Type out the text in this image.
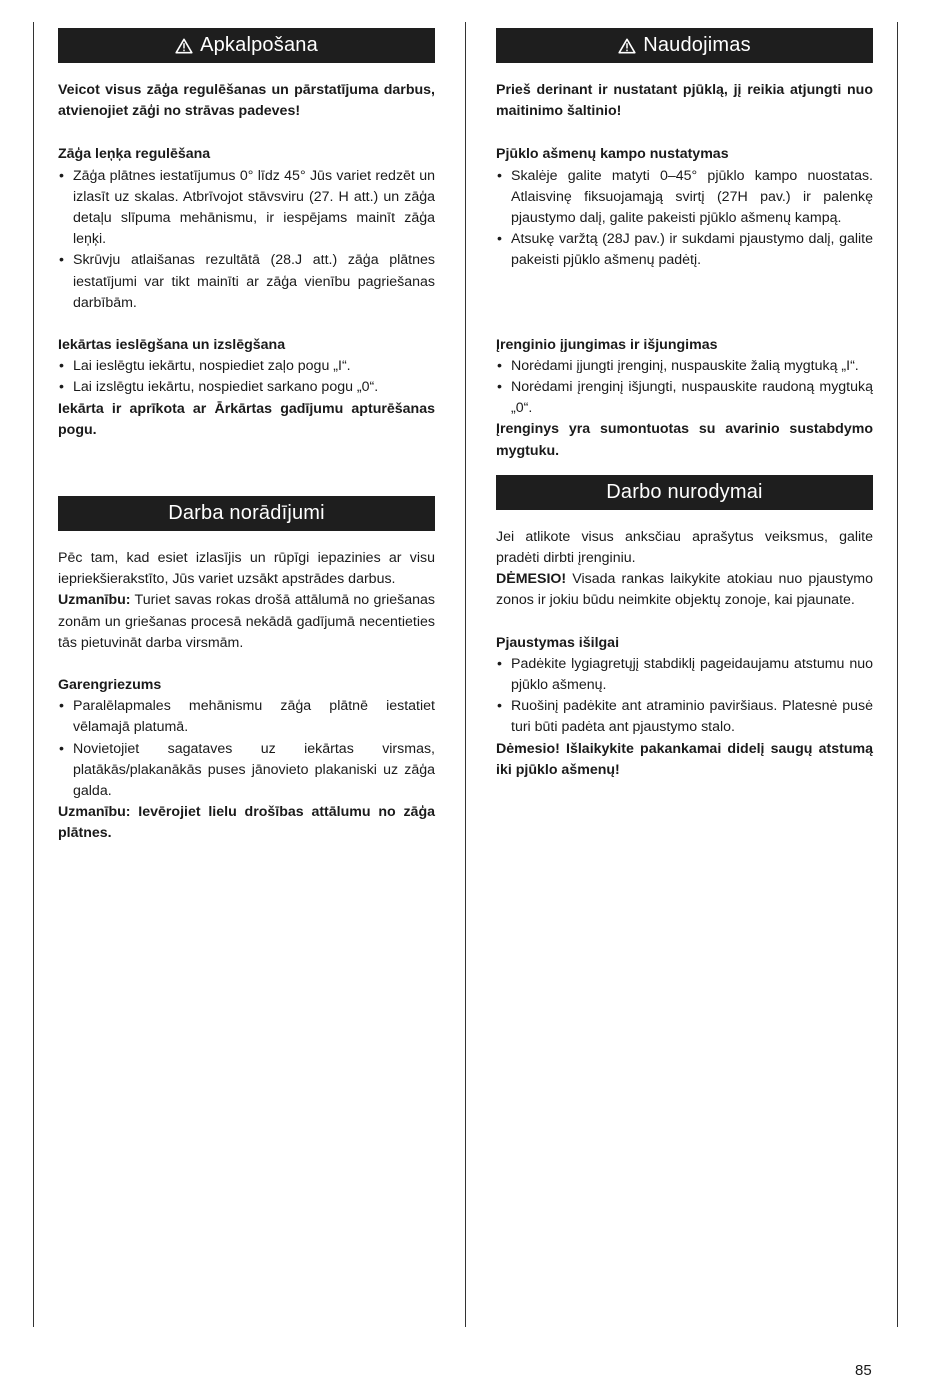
Apkalpošana

Veicot visus zāģa regulēšanas un pārstatījuma darbus, atvienojiet zāģi no strāvas padeves!

Zāģa leņķa regulēšana

• Zāģa plātnes iestatījumus 0° līdz 45° Jūs variet redzēt un izlasīt uz skalas. Atbrīvojot stāvsviru (27. H att.) un zāģa detaļu slīpuma mehānismu, ir iespējams mainīt zāģa leņķi.
• Skrūvju atlaišanas rezultātā (28.J att.) zāģa plātnes iestatījumi var tikt mainīti ar zāģa vienību pagriešanas darbībām.

Iekārtas ieslēgšana un izslēgšana

• Lai ieslēgtu iekārtu, nospiediet zaļo pogu „I“.
• Lai izslēgtu iekārtu, nospiediet sarkano pogu „0“.

Iekārta ir aprīkota ar Ārkārtas gadījumu apturēšanas pogu.

Darba norādījumi

Pēc tam, kad esiet izlasījis un rūpīgi iepazinies ar visu iepriekšierakstīto, Jūs variet uzsākt apstrādes darbus.

Uzmanību: Turiet savas rokas drošā attālumā no griešanas zonām un griešanas procesā nekādā gadījumā necentieties tās pietuvināt darba virsmām.

Garengriezums

• Paralēlapmales mehānismu zāģa plātnē iestatiet vēlamajā platumā.
• Novietojiet sagataves uz iekārtas virsmas, platākās/plakanākās puses jānovieto plakaniski uz zāģa galda.

Uzmanību: Ievērojiet lielu drošības attālumu no zāģa plātnes.

Naudojimas

Prieš derinant ir nustatant pjūklą, jį reikia atjungti nuo maitinimo šaltinio!

Pjūklo ašmenų kampo nustatymas

• Skalėje galite matyti 0–45° pjūklo kampo nuostatas. Atlaisvinę fiksuojamąją svirtį (27H pav.) ir palenkę pjaustymo dalį, galite pakeisti pjūklo ašmenų kampą.
• Atsukę varžtą (28J pav.) ir sukdami pjaustymo dalį, galite pakeisti pjūklo ašmenų padėtį.

Įrenginio įjungimas ir išjungimas

• Norėdami įjungti įrenginį, nuspauskite žalią mygtuką „I“.
• Norėdami įrenginį išjungti, nuspauskite raudoną mygtuką „0“.

Įrenginys yra sumontuotas su avarinio sustabdymo mygtuku.

Darbo nurodymai

Jei atlikote visus anksčiau aprašytus veiksmus, galite pradėti dirbti įrenginiu.

DĖMESIO! Visada rankas laikykite atokiau nuo pjaustymo zonos ir jokiu būdu neimkite objektų zonoje, kai pjaunate.

Pjaustymas išilgai

• Padėkite lygiagretųjį stabdiklį pageidaujamu atstumu nuo pjūklo ašmenų.
• Ruošinį padėkite ant atraminio paviršiaus. Platesnė pusė turi būti padėta ant pjaustymo stalo.

Dėmesio! Išlaikykite pakankamai didelį saugų atstumą iki pjūklo ašmenų!

85
